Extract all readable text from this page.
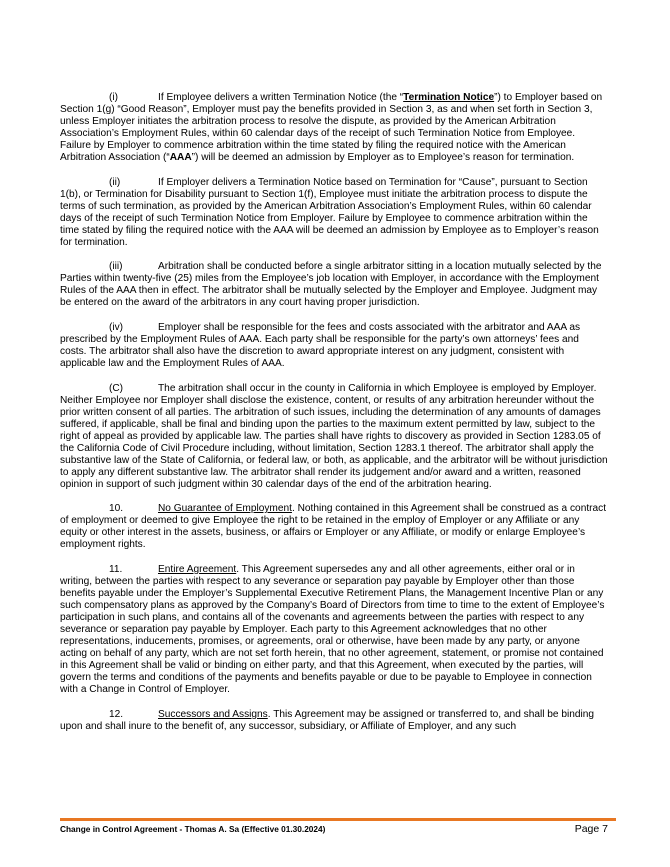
(i)	If Employee delivers a written Termination Notice (the “Termination Notice”) to Employer based on Section 1(g) “Good Reason”, Employer must pay the benefits provided in Section 3, as and when set forth in Section 3, unless Employer initiates the arbitration process to resolve the dispute, as provided by the American Arbitration Association’s Employment Rules, within 60 calendar days of the receipt of such Termination Notice from Employee. Failure by Employer to commence arbitration within the time stated by filing the required notice with the American Arbitration Association (“AAA”) will be deemed an admission by Employer as to Employee’s reason for termination.

(ii)	If Employer delivers a Termination Notice based on Termination for “Cause”, pursuant to Section 1(b), or Termination for Disability pursuant to Section 1(f), Employee must initiate the arbitration process to dispute the terms of such termination, as provided by the American Arbitration Association’s Employment Rules, within 60 calendar days of the receipt of such Termination Notice from Employer. Failure by Employee to commence arbitration within the time stated by filing the required notice with the AAA will be deemed an admission by Employee as to Employer’s reason for termination.

(iii)	Arbitration shall be conducted before a single arbitrator sitting in a location mutually selected by the Parties within twenty-five (25) miles from the Employee’s job location with Employer, in accordance with the Employment Rules of the AAA then in effect. The arbitrator shall be mutually selected by the Employer and Employee. Judgment may be entered on the award of the arbitrators in any court having proper jurisdiction.

(iv)	Employer shall be responsible for the fees and costs associated with the arbitrator and AAA as prescribed by the Employment Rules of AAA. Each party shall be responsible for the party’s own attorneys’ fees and costs. The arbitrator shall also have the discretion to award appropriate interest on any judgment, consistent with applicable law and the Employment Rules of AAA.

(C)	The arbitration shall occur in the county in California in which Employee is employed by Employer. Neither Employee nor Employer shall disclose the existence, content, or results of any arbitration hereunder without the prior written consent of all parties. The arbitration of such issues, including the determination of any amounts of damages suffered, if applicable, shall be final and binding upon the parties to the maximum extent permitted by law, subject to the right of appeal as provided by applicable law. The parties shall have rights to discovery as provided in Section 1283.05 of the California Code of Civil Procedure including, without limitation, Section 1283.1 thereof. The arbitrator shall apply the substantive law of the State of California, or federal law, or both, as applicable, and the arbitrator will be without jurisdiction to apply any different substantive law. The arbitrator shall render its judgement and/or award and a written, reasoned opinion in support of such judgment within 30 calendar days of the end of the arbitration hearing.

10.	No Guarantee of Employment. Nothing contained in this Agreement shall be construed as a contract of employment or deemed to give Employee the right to be retained in the employ of Employer or any Affiliate or any equity or other interest in the assets, business, or affairs or Employer or any Affiliate, or modify or enlarge Employee’s employment rights.

11.	Entire Agreement. This Agreement supersedes any and all other agreements, either oral or in writing, between the parties with respect to any severance or separation pay payable by Employer other than those benefits payable under the Employer’s Supplemental Executive Retirement Plans, the Management Incentive Plan or any such compensatory plans as approved by the Company’s Board of Directors from time to time to the extent of Employee’s participation in such plans, and contains all of the covenants and agreements between the parties with respect to any severance or separation pay payable by Employer. Each party to this Agreement acknowledges that no other representations, inducements, promises, or agreements, oral or otherwise, have been made by any party, or anyone acting on behalf of any party, which are not set forth herein, that no other agreement, statement, or promise not contained in this Agreement shall be valid or binding on either party, and that this Agreement, when executed by the parties, will govern the terms and conditions of the payments and benefits payable or due to be payable to Employee in connection with a Change in Control of Employer.

12.	Successors and Assigns. This Agreement may be assigned or transferred to, and shall be binding upon and shall inure to the benefit of, any successor, subsidiary, or Affiliate of Employer, and any such

Change in Control Agreement - Thomas A. Sa (Effective 01.30.2024)	Page 7
